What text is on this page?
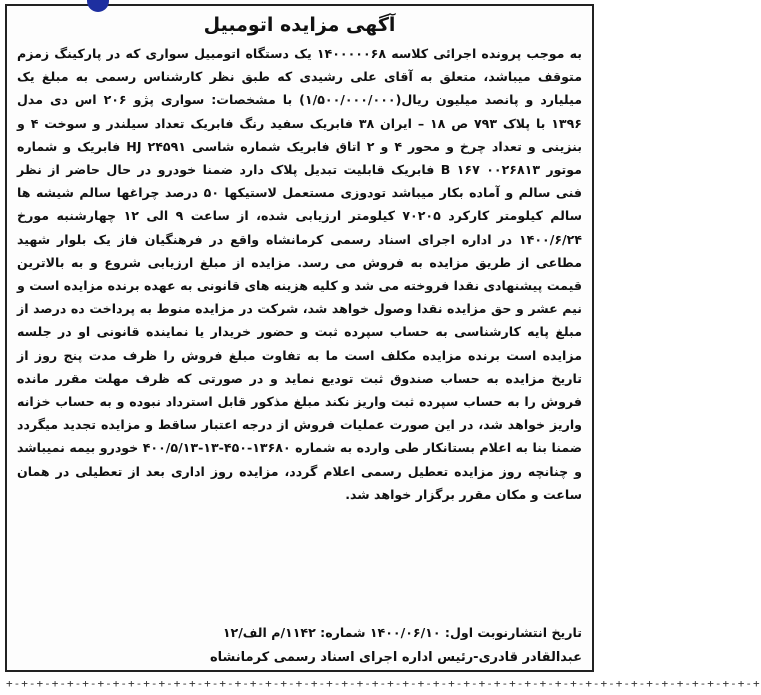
آگهی مزایده اتومبیل

به موجب پرونده اجرائی کلاسه ۱۴۰۰۰۰۰۶۸ یک دستگاه اتومبیل سواری که در پارکینگ زمزم متوقف میباشد، متعلق به آقای علی رشیدی که طبق نظر کارشناس رسمی به مبلغ یک میلیارد و پانصد میلیون ریال(۱/۵۰۰/۰۰۰/۰۰۰) با مشخصات: سواری پژو ۲۰۶ اس دی مدل ۱۳۹۶ با پلاک ۷۹۳ ص ۱۸ – ایران ۳۸ فابریک سفید رنگ فابریک تعداد سیلندر و سوخت ۴ و بنزینی و تعداد چرخ و محور ۴ و ۲ اتاق فابریک شماره شاسی HJ ۲۴۵۹۱ فابریک و شماره موتور ۰۰۲۶۸۱۳ B ۱۶۷ فابریک قابلیت تبدیل پلاک دارد ضمنا خودرو در حال حاضر از نظر فنی سالم و آماده بکار میباشد تودوزی مستعمل لاستیکها ۵۰ درصد چراغها سالم شیشه ها سالم کیلومتر کارکرد ۷۰۲۰۵ کیلومتر ارزیابی شده، از ساعت ۹ الی ۱۲ چهارشنبه مورخ ۱۴۰۰/۶/۲۴ در اداره اجرای اسناد رسمی کرمانشاه واقع در فرهنگیان فاز یک بلوار شهید مطاعی از طریق مزایده به فروش می رسد. مزایده از مبلغ ارزیابی شروع و به بالاترین قیمت پیشنهادی نقدا فروخته می شد و کلیه هزینه های قانونی به عهده برنده مزایده است و نیم عشر و حق مزایده نقدا وصول خواهد شد، شرکت در مزایده منوط به پرداخت ده درصد از مبلغ پایه کارشناسی به حساب سپرده ثبت و حضور خریدار یا نماینده قانونی او در جلسه مزایده است برنده مزایده مکلف است ما به تفاوت مبلغ فروش را ظرف مدت پنج روز از تاریخ مزایده به حساب صندوق ثبت تودیع نماید و در صورتی که ظرف مهلت مقرر مانده فروش را به حساب سپرده ثبت واریز نکند مبلغ مذکور قابل استرداد نبوده و به حساب خزانه واریز خواهد شد، در این صورت عملیات فروش از درجه اعتبار ساقط و مزایده تجدید میگردد ضمنا بنا به اعلام بستانکار طی وارده به شماره ۱۳۶۸۰-۴۵۰-۱۳-۴۰۰/۵/۱۳ خودرو بیمه نمیباشد و چنانچه روز مزایده تعطیل رسمی اعلام گردد، مزایده روز اداری بعد از تعطیلی در همان ساعت و مکان مقرر برگزار خواهد شد.

تاریخ انتشارنوبت اول: ۱۴۰۰/۰۶/۱۰ شماره: ۱۱۴۲/م الف/۱۲
عبدالقادر قادری-رئیس اداره اجرای اسناد رسمی کرمانشاه
+‑+‑+‑+‑+‑+‑+‑+‑+‑+‑+‑+‑+‑+‑+‑+‑+‑+‑+‑+‑+‑+‑+‑+‑+‑+‑+‑+‑+‑+‑+‑+‑+‑+‑+‑+‑+‑+‑+‑+‑+‑+‑+‑+‑+‑+‑+‑+‑+‑+
